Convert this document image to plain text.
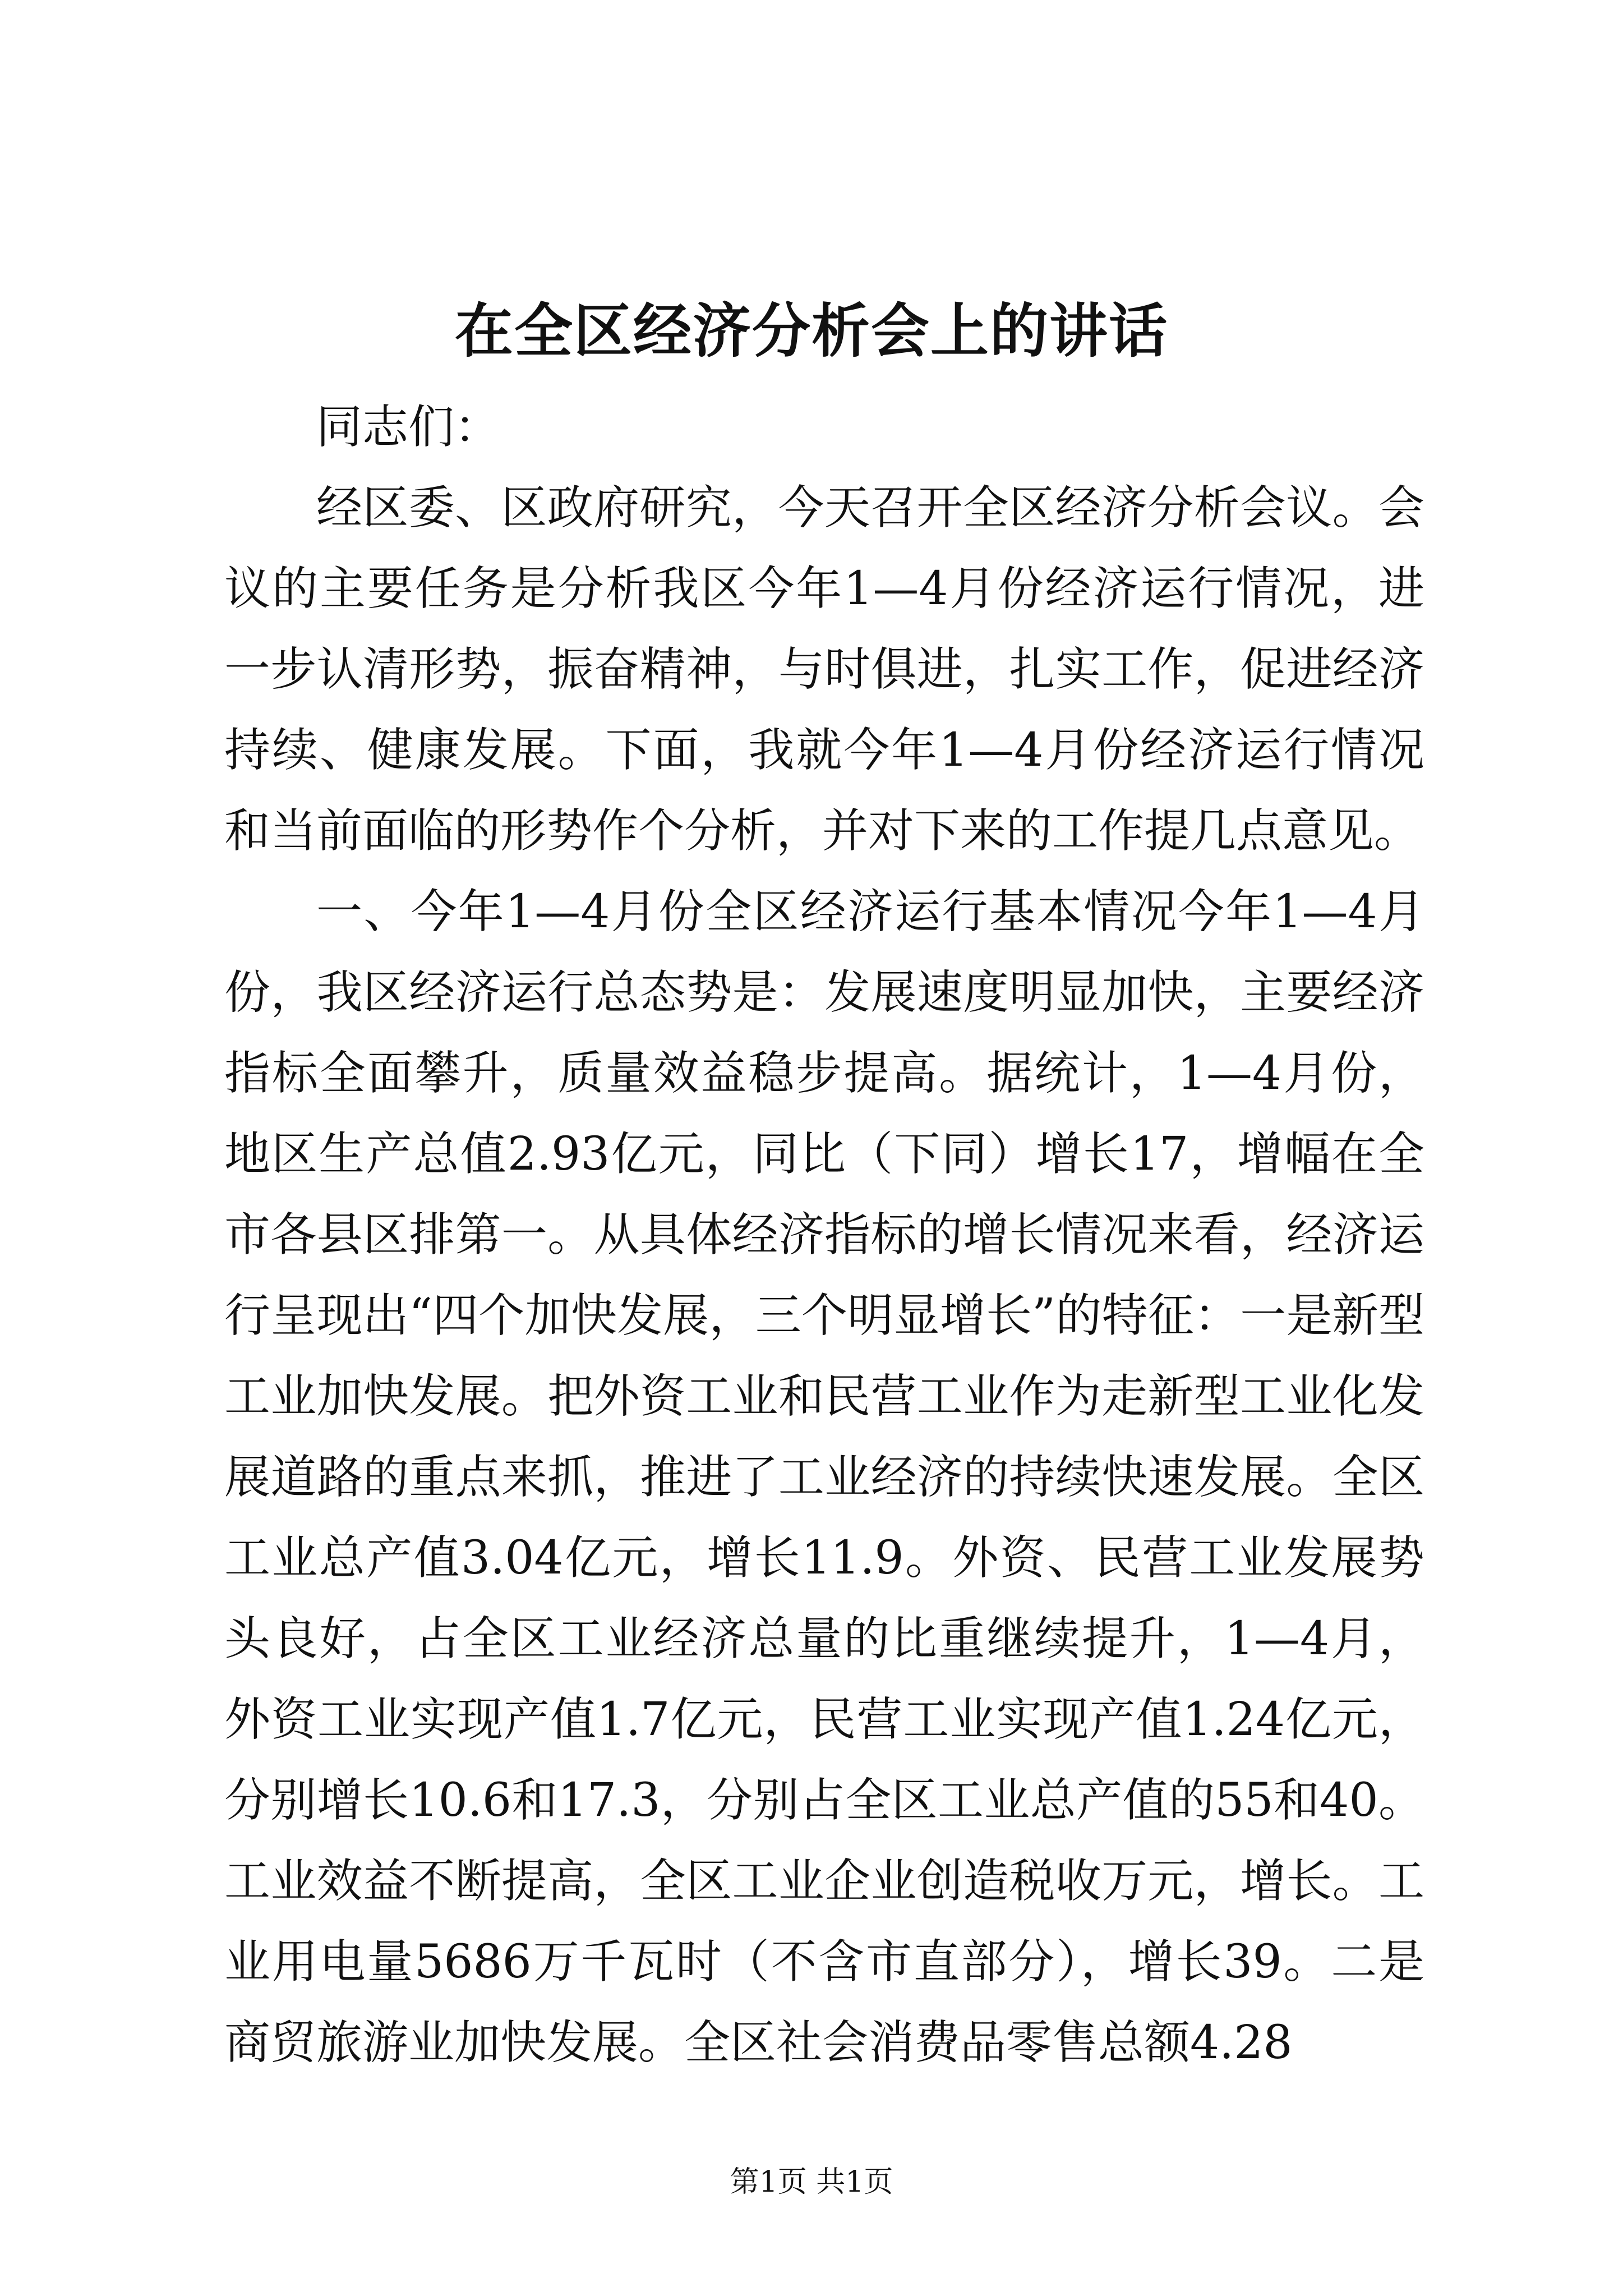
在全区经济分析会上的讲话

同志们：

经区委、区政府研究，今天召开全区经济分析会议。会议的主要任务是分析我区今年1—4月份经济运行情况，进一步认清形势，振奋精神，与时俱进，扎实工作，促进经济持续、健康发展。下面，我就今年1—4月份经济运行情况和当前面临的形势作个分析，并对下来的工作提几点意见。

一、今年1—4月份全区经济运行基本情况今年1—4月份，我区经济运行总态势是：发展速度明显加快，主要经济指标全面攀升，质量效益稳步提高。据统计，1—4月份，地区生产总值2.93亿元，同比（下同）增长17，增幅在全市各县区排第一。从具体经济指标的增长情况来看，经济运行呈现出“四个加快发展，三个明显增长”的特征：一是新型工业加快发展。把外资工业和民营工业作为走新型工业化发展道路的重点来抓，推进了工业经济的持续快速发展。全区工业总产值3.04亿元，增长11.9。外资、民营工业发展势头良好，占全区工业经济总量的比重继续提升，1—4月，外资工业实现产值1.7亿元，民营工业实现产值1.24亿元，分别增长10.6和17.3，分别占全区工业总产值的55和40。工业效益不断提高，全区工业企业创造税收万元，增长。工业用电量5686万千瓦时（不含市直部分），增长39。二是商贸旅游业加快发展。全区社会消费品零售总额4.28

第1页 共1页
